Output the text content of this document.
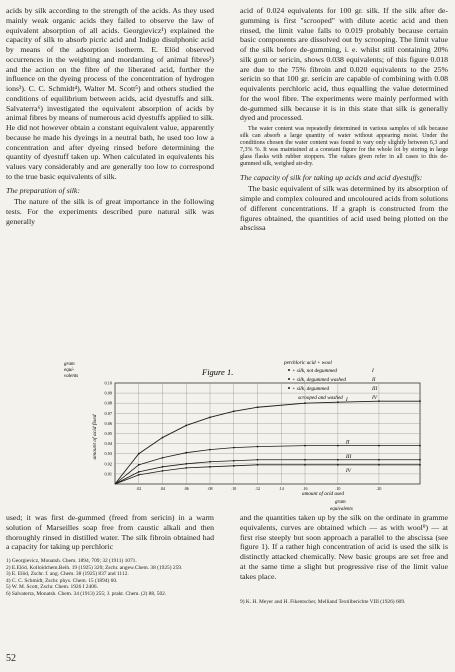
acids by silk according to the strength of the acids. As they used mainly weak organic acids they failed to observe the law of equivalent absorption of all acids. Georgievicz¹) explained the capacity of silk to absorb picric acid and Indigo disulphonic acid by means of the adsorption isotherm. E. Elöd observed occurrences in the weighting and mordanting of animal fibres²) and the action on the fibre of the liberated acid, further the influence on the dyeing process of the concentration of hydrogen ions³). C. C. Schmidt⁴), Walter M. Scott⁵) and others studied the conditions of equilibrium between acids, acid dyestuffs and silk. Salvaterra⁶) investigated the equivalent absorption of acids by animal fibres by means of numerous acid dyestuffs applied to silk. He did not however obtain a constant equivalent value, apparently because he made his dyeings in a neutral bath, he used too low a concentration and after dyeing rinsed before determining the quantity of dyestuff taken up. When calculated in equivalents his values vary considerably and are generally too low to correspond to the true basic equivalents of silk.

The preparation of silk:

The nature of the silk is of great importance in the following tests. For the experiments described pure natural silk was generally

acid of 0.024 equivalents for 100 gr. silk. If the silk after de-gumming is first "scrooped" with dilute acetic acid and then rinsed, the limit value falls to 0.019 probably because certain basic components are dissolved out by scrooping. The limit value of the silk before de-gumming, i. e. whilst still containing 20% silk gum or sericin, shows 0.038 equivalents; of this figure 0.018 are due to the 75% fibroin and 0.020 equivalents to the 25% sericin so that 100 gr. sericin are capable of combining with 0.08 equivalents perchloric acid, thus equalling the value determined for the wool fibre. The experiments were mainly performed with de-gummed silk because it is in this state that silk is generally dyed and processed.

The water content was repeatedly determined in various samples of silk because silk can absorb a large quantity of water without appearing moist. Under the conditions chosen the water content was found to vary only slightly between 6,3 and 7,3% %. It was maintained at a constant figure for the whole lot by storing in large glass flasks with rubber stoppers. The values given refer in all cases to this de-gummed silk, weighed air-dry.

The capacity of silk for taking up acids and acid dyestuffs:

The basic equivalent of silk was determined by its absorption of simple and complex coloured and uncoloured acids from solutions of different concentrations. If a graph is constructed from the figures obtained, the quantities of acid used being plotted on the abscissa

gram
equi-
valents	Figure 1.
amount of acid fixed
perchloric acid + wool
+ silk, not degummed	I
+ silk, degummed washed	II
+ silk, degummed	III
scrooped and washed	IV
0.10
0.09
0.08
0.07
0.06
0.05
0.04
0.03
0.02
0.01
.02	.04	.06	.08	.10	.12	.14	.16	.10	.20
I
II
III
IV
amount of acid used
gram
equivalents

used; it was first de-gummed (freed from sericin) in a warm solution of Marseilles soap free from caustic alkali and then thoroughly rinsed in distilled water. The silk fibroin obtained had a capacity for taking up perchloric

1) Georgievicz, Monatsh. Chem. 1894, 709; 32 (1911) 1071.

2) E.Elöd, Kolloidchem.Beih. 19 (1925) 320; Zschr. angew.Chem. 38 (1925) 259.

3) E. Elöd, Zschr. f. ang. Chem. 38 (1925) 837 and 1112.

4) C. C. Schmidt, Zschr. phys. Chem. 15 (1894) 60.

5) W. M. Scott, Zschr. Chem. 1926 I 2406.

6) Salvaterra, Monatsh. Chem. 34 (1913) 255; J. prakt. Chem. (2) 88, 502.

and the quantities taken up by the silk on the ordinate in gramme equivalents, curves are obtained which — as with wool⁹) — at first rise steeply but soon approach a parallel to the abscissa (see figure 1). If a rather high concentration of acid is used the silk is distinctly attacked chemically. New basic groups are set free and at the same time a slight but progressive rise of the limit value takes place.

9) K. H. Meyer and H. Fikentscher, Melliand Textilberichte VIII (1926) 609.

52
